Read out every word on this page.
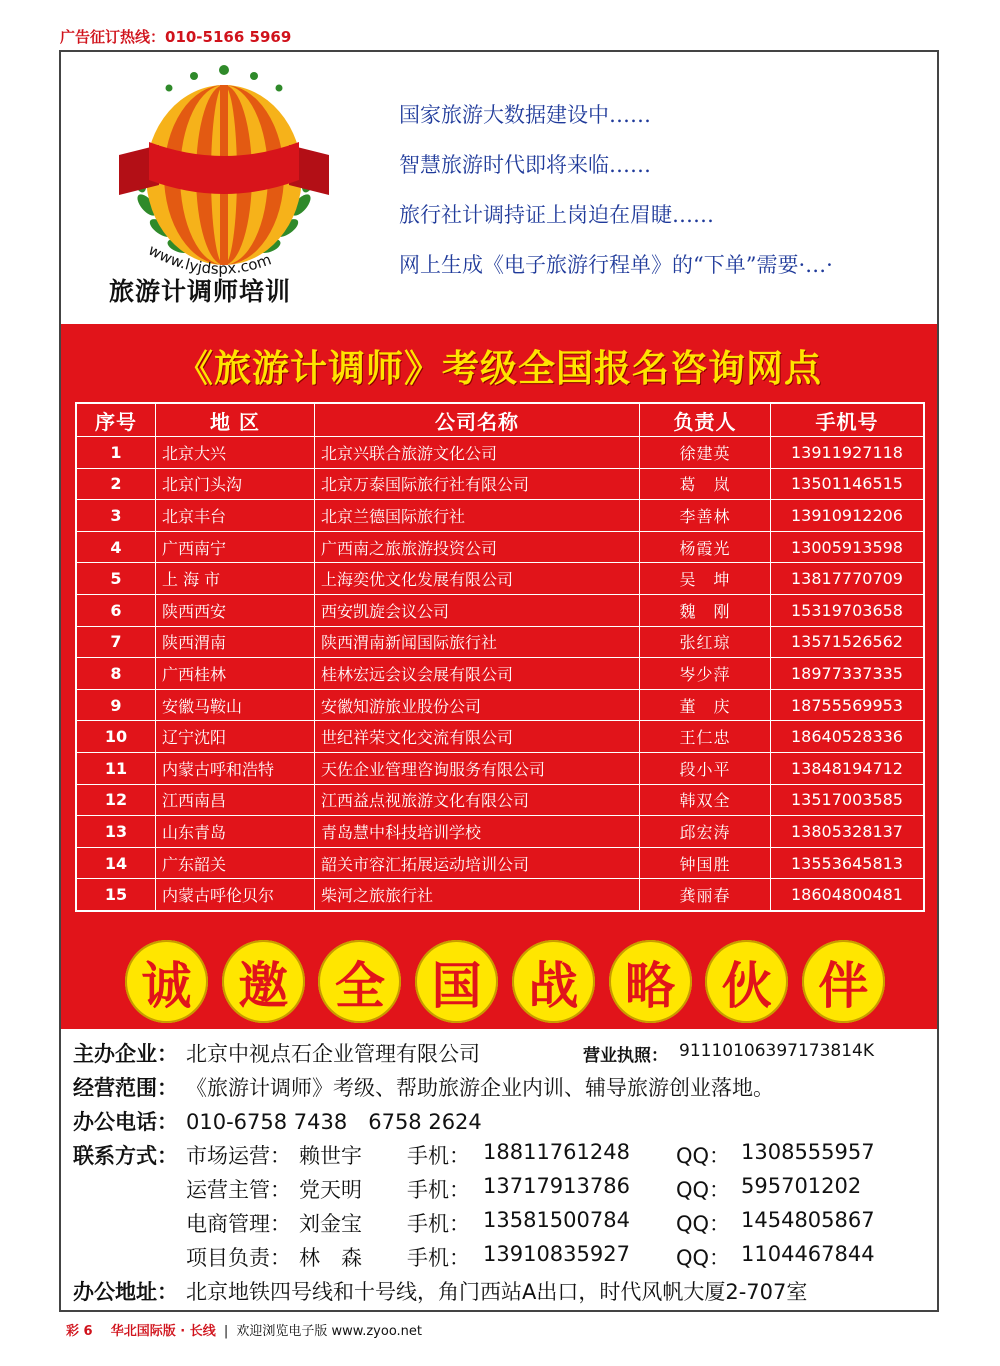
广告征订热线：010-5166 5969
www.lyjdspx.com
旅游计调师培训
国家旅游大数据建设中……
智慧旅游时代即将来临……
旅行社计调持证上岗迫在眉睫……
网上生成《电子旅游行程单》的“下单”需要·…·
《旅游计调师》考级全国报名咨询网点
序号	地 区	公司名称	负责人	手机号
1	北京大兴	北京兴联合旅游文化公司	徐建英	13911927118
2	北京门头沟	北京万泰国际旅行社有限公司	葛　岚	13501146515
3	北京丰台	北京兰德国际旅行社	李善林	13910912206
4	广西南宁	广西南之旅旅游投资公司	杨霞光	13005913598
5	上 海 市	上海奕优文化发展有限公司	吴　坤	13817770709
6	陕西西安	西安凯旋会议公司	魏　刚	15319703658
7	陕西渭南	陕西渭南新闻国际旅行社	张红琼	13571526562
8	广西桂林	桂林宏远会议会展有限公司	岑少萍	18977337335
9	安徽马鞍山	安徽知游旅业股份公司	董　庆	18755569953
10	辽宁沈阳	世纪祥荣文化交流有限公司	王仁忠	18640528336
11	内蒙古呼和浩特	天佐企业管理咨询服务有限公司	段小平	13848194712
12	江西南昌	江西益点视旅游文化有限公司	韩双全	13517003585
13	山东青岛	青岛慧中科技培训学校	邱宏涛	13805328137
14	广东韶关	韶关市容汇拓展运动培训公司	钟国胜	13553645813
15	内蒙古呼伦贝尔	柴河之旅旅行社	龚丽春	18604800481
诚 邀 全 国 战 略 伙 伴
主办企业： 北京中视点石企业管理有限公司	营业执照： 91110106397173814K
经营范围： 《旅游计调师》考级、帮助旅游企业内训、辅导旅游创业落地。
办公电话： 010-6758 7438　6758 2624
联系方式： 市场运营： 赖世宇 手机： 18811761248 QQ： 1308555957
运营主管： 党天明 手机： 13717913786 QQ： 595701202
电商管理： 刘金宝 手机： 13581500784 QQ： 1454805867
项目负责： 林　森 手机： 13910835927 QQ： 1104467844
办公地址： 北京地铁四号线和十号线，角门西站A出口，时代风帆大厦2-707室
彩 6 华北国际版 · 长线 | 欢迎浏览电子版 www.zyoo.net
